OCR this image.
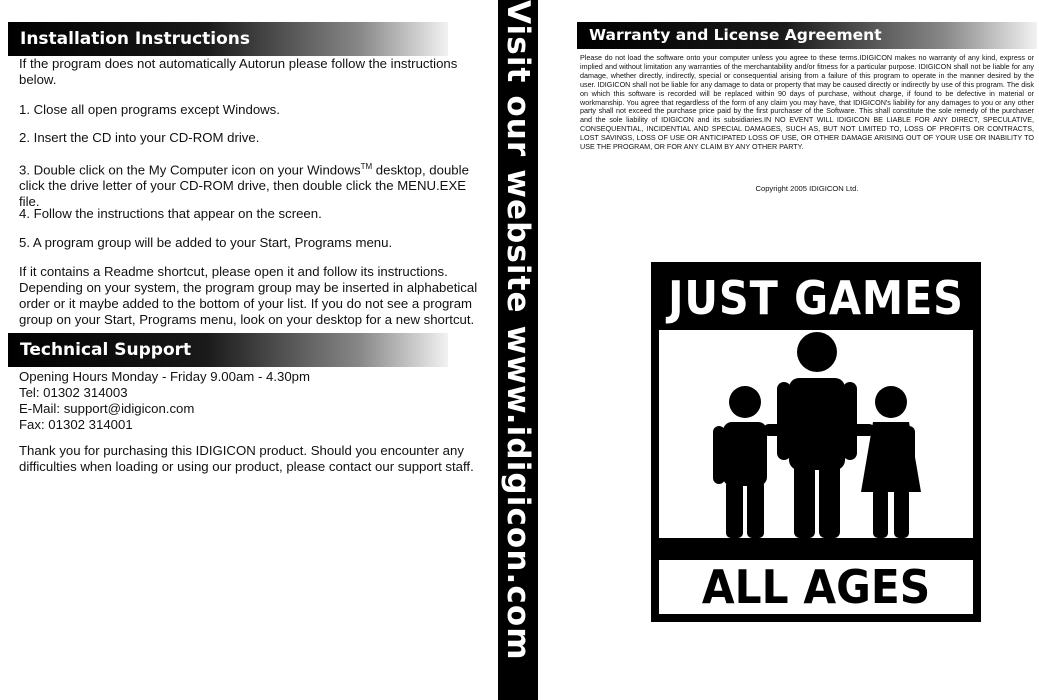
Installation Instructions

If the program does not automatically Autorun please follow the instructions below.

1. Close all open programs except Windows.

2. Insert the CD into your CD-ROM drive.

3. Double click on the My Computer icon on your Windows™ desktop, double click the drive letter of your CD-ROM drive, then double click the MENU.EXE file.

4. Follow the instructions that appear on the screen.

5. A program group will be added to your Start, Programs menu.

If it contains a Readme shortcut, please open it and follow its instructions. Depending on your system, the program group may be inserted in alphabetical order or it maybe added to the bottom of your list. If you do not see a program group on your Start, Programs menu, look on your desktop for a new shortcut.

Technical Support

Opening Hours Monday - Friday 9.00am - 4.30pm

Tel: 01302 314003

E-Mail: support@idigicon.com

Fax: 01302 314001

Thank you for purchasing this IDIGICON product. Should you encounter any difficulties when loading or using our product, please contact our support staff. Visit our website www.idigicon.com	Warranty and License Agreement
Please do not load the software onto your computer unless you agree to these terms.IDIGICON makes no warranty of any kind, express or implied and without limitation any warranties of the merchantability and/or fitness for a particular purpose. IDIGICON shall not be liable for any damage, whether directly, indirectly, special or consequential arising from a failure of this program to operate in the manner desired by the user. IDIGICON shall not be liable for any damage to data or property that may be caused directly or indirectly by use of this program. The disk on which this software is recorded will be replaced within 90 days of purchase, without charge, if found to be defective in material or workmanship. You agree that regardless of the form of any claim you may have, that IDIGICON's liability for any damages to you or any other party shall not exceed the purchase price paid by the first purchaser of the Software. This shall constitute the sole remedy of the purchaser and the sole liability of IDIGICON and its subsidiaries.IN NO EVENT WILL IDIGICON BE LIABLE FOR ANY DIRECT, SPECULATIVE, CONSEQUENTIAL, INCIDENTIAL AND SPECIAL DAMAGES, SUCH AS, BUT NOT LIMITED TO, LOSS OF PROFITS OR CONTRACTS, LOST SAVINGS, LOSS OF USE OR ANTICIPATED LOSS OF USE, OR OTHER DAMAGE ARISING OUT OF YOUR USE OR INABILITY TO USE THE PROGRAM, OR FOR ANY CLAIM BY ANY OTHER PARTY.
Copyright 2005 IDIGICON Ltd.
JUST GAMES
ALL AGES
